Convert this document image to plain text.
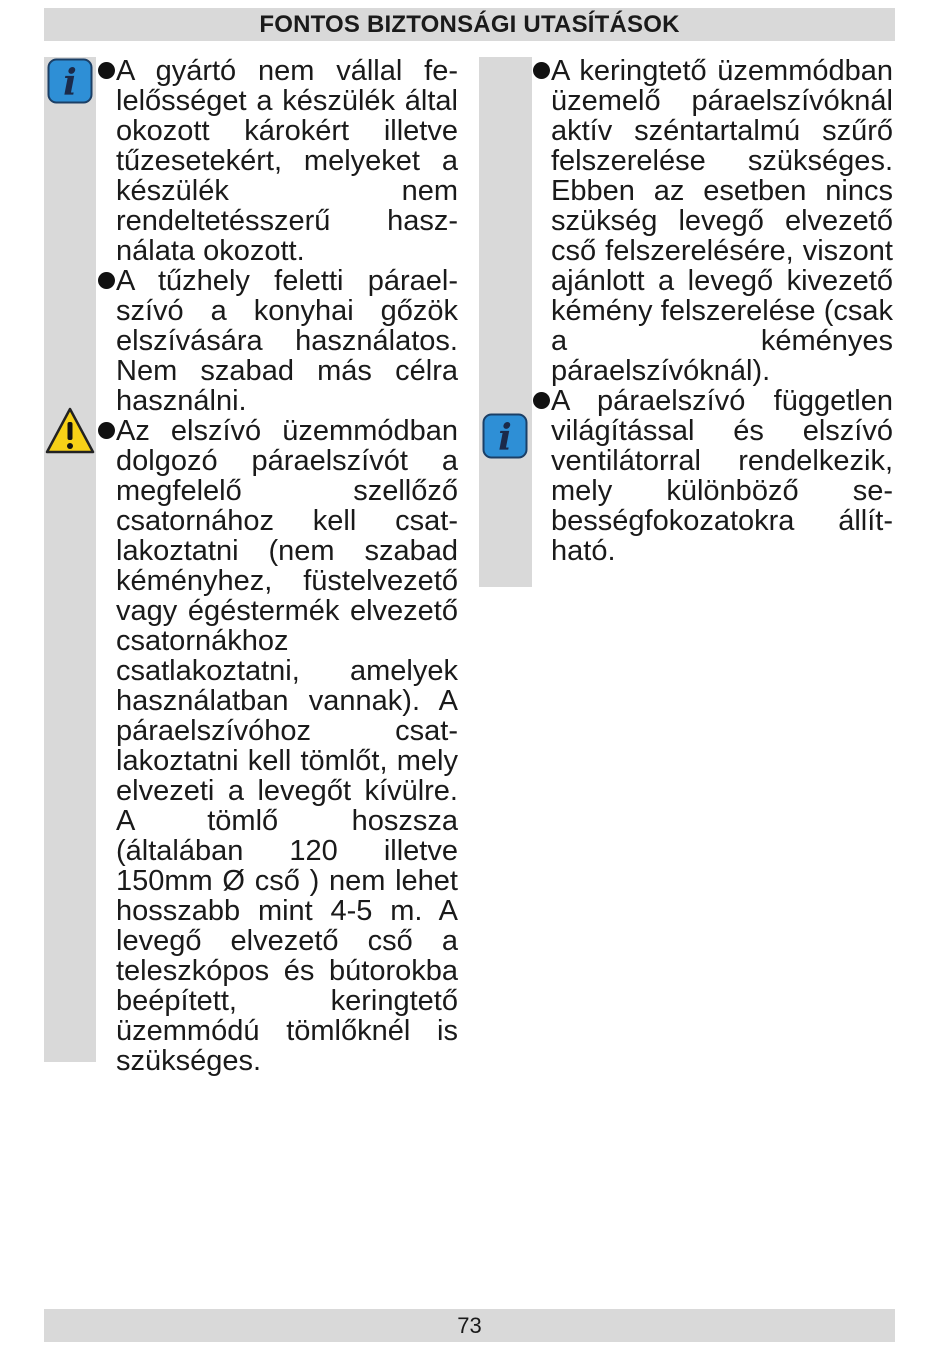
FONTOS BIZTONSÁGI UTASÍTÁSOK
i
i

A gyártó nem vállal felelősséget a készülék által okozott károkért illetve tűzesetekért, melyeket a készülék nem rendeltetésszerű használata okozott.

A tűzhely feletti páraelszívó a konyhai gőzök elszívására használatos. Nem szabad más célra használni.

Az elszívó üzemmódban dolgozó páraelszívót a megfelelő szellőző csatornához kell csatlakoztatni (nem szabad kéményhez, füstelvezető vagy égéstermék elvezető csatornákhoz csatlakoztatni, amelyek használatban vannak). A páraelszívóhoz csatlakoztatni kell tömlőt, mely elvezeti a levegőt kívülre. A tömlő hoszsza (általában 120 illetve 150mm Ø cső ) nem lehet hosszabb mint 4-5 m. A levegő elvezető cső a teleszkópos és bútorokba beépített, keringtető üzemmódú tömlőknél is szükséges.

A keringtető üzemmódban üzemelő páraelszívóknál aktív széntartalmú szűrő felszerelése szükséges. Ebben az esetben nincs szükség levegő elvezető cső felszerelésére, viszont ajánlott a levegő kivezető kémény felszerelése (csak a kéményes páraelszívóknál).

A páraelszívó független világítással és elszívó ventilátorral rendelkezik, mely különböző sebességfokozatokra állítható.

73
